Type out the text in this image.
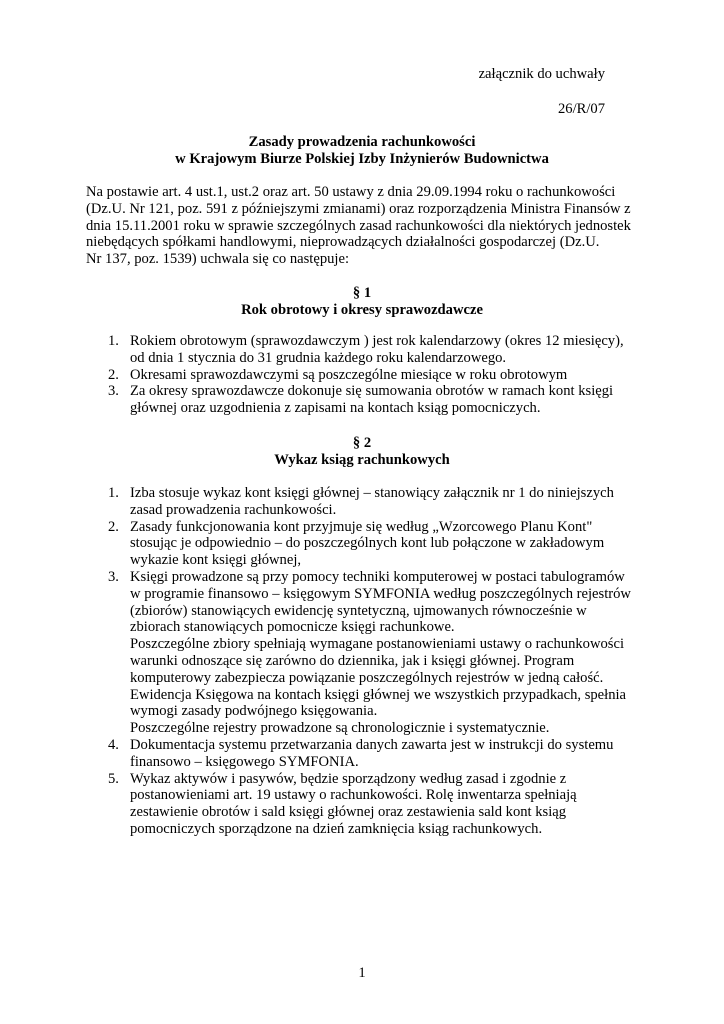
załącznik do uchwały
26/R/07
Zasady prowadzenia rachunkowości
w Krajowym Biurze Polskiej Izby Inżynierów Budownictwa
Na postawie art. 4 ust.1, ust.2 oraz art. 50 ustawy z dnia 29.09.1994 roku o rachunkowości
(Dz.U. Nr 121, poz. 591 z późniejszymi zmianami) oraz rozporządzenia Ministra Finansów z
dnia 15.11.2001 roku w sprawie szczególnych zasad rachunkowości dla niektórych jednostek
niebędących spółkami handlowymi, nieprowadzących działalności gospodarczej (Dz.U.
Nr 137, poz. 1539) uchwala się co następuje:
§ 1
Rok obrotowy i okresy sprawozdawcze
1. Rokiem obrotowym (sprawozdawczym ) jest rok kalendarzowy (okres 12 miesięcy),
od dnia 1 stycznia do 31 grudnia każdego roku kalendarzowego.
2. Okresami sprawozdawczymi są poszczególne miesiące w roku obrotowym
3. Za okresy sprawozdawcze dokonuje się sumowania obrotów w ramach kont księgi
głównej oraz uzgodnienia z zapisami na kontach ksiąg pomocniczych.
§ 2
Wykaz ksiąg rachunkowych
1. Izba stosuje wykaz kont księgi głównej – stanowiący załącznik nr 1 do niniejszych
zasad prowadzenia rachunkowości.
2. Zasady funkcjonowania kont przyjmuje się według „Wzorcowego Planu Kont"
stosując je odpowiednio – do poszczególnych kont lub połączone w zakładowym
wykazie kont księgi głównej,
3. Księgi prowadzone są przy pomocy techniki komputerowej w postaci tabulogramów
w programie finansowo – księgowym SYMFONIA według poszczególnych rejestrów
(zbiorów) stanowiących ewidencję syntetyczną, ujmowanych równocześnie w
zbiorach stanowiących pomocnicze księgi rachunkowe.
Poszczególne zbiory spełniają wymagane postanowieniami ustawy o rachunkowości
warunki odnoszące się zarówno do dziennika, jak i księgi głównej. Program
komputerowy zabezpiecza powiązanie poszczególnych rejestrów w jedną całość.
Ewidencja Księgowa na kontach księgi głównej we wszystkich przypadkach, spełnia
wymogi zasady podwójnego księgowania.
Poszczególne rejestry prowadzone są chronologicznie i systematycznie.
4. Dokumentacja systemu przetwarzania danych zawarta jest w instrukcji do systemu
finansowo – księgowego SYMFONIA.
5. Wykaz aktywów i pasywów, będzie sporządzony według zasad i zgodnie z
postanowieniami art. 19 ustawy o rachunkowości. Rolę inwentarza spełniają
zestawienie obrotów i sald księgi głównej oraz zestawienia sald kont ksiąg
pomocniczych sporządzone na dzień zamknięcia ksiąg rachunkowych.
1
